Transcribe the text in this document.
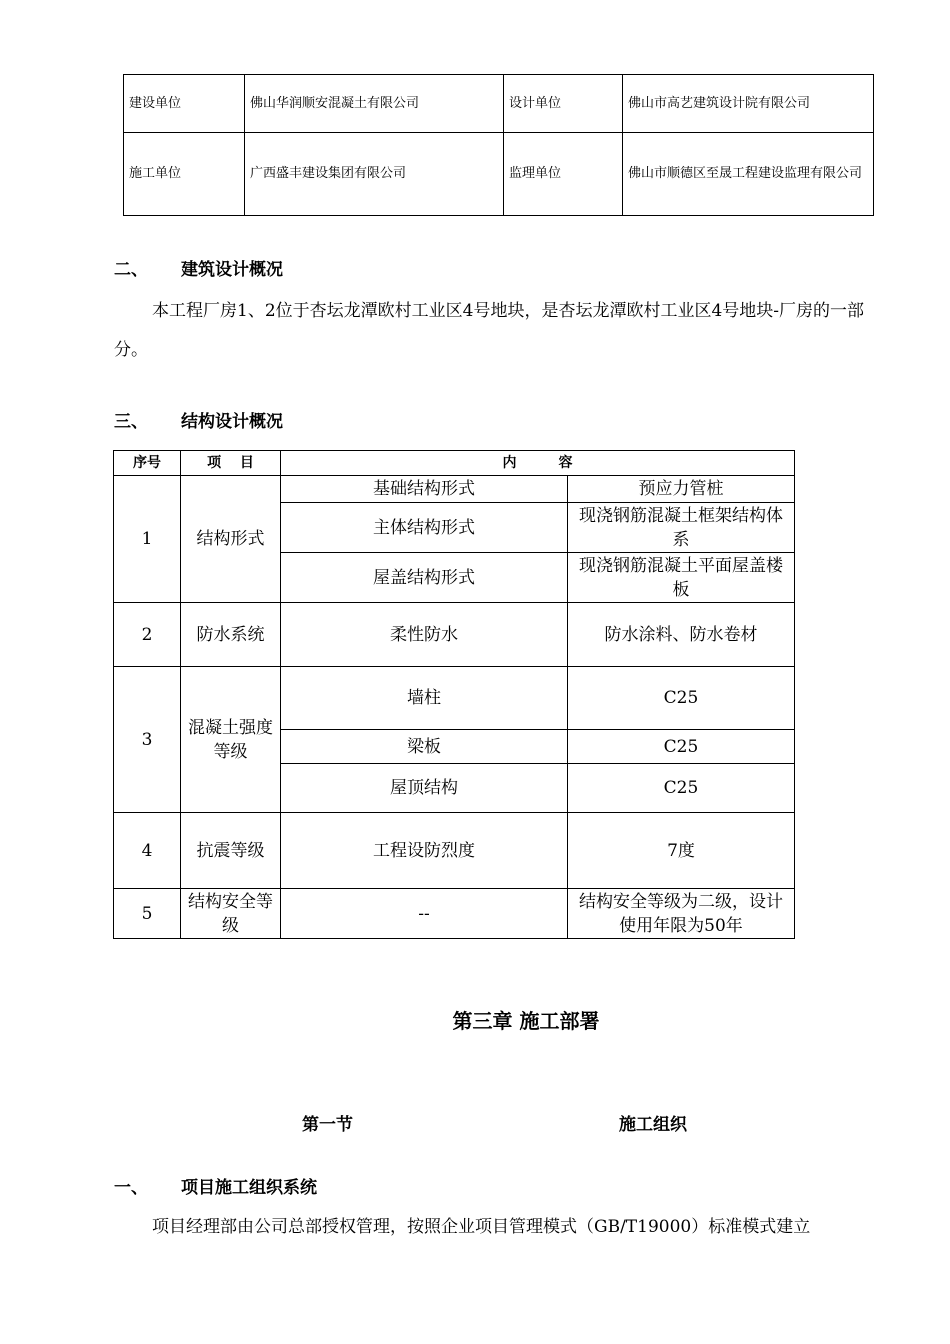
建设单位	佛山华润顺安混凝土有限公司	设计单位	佛山市高艺建筑设计院有限公司
施工单位	广西盛丰建设集团有限公司	监理单位	佛山市顺德区至晟工程建设监理有限公司
二、 建筑设计概况

本工程厂房1、2位于杏坛龙潭欧村工业区4号地块，是杏坛龙潭欧村工业区4号地块-厂房的一部分。

三、 结构设计概况
序号	项　 目	内　　　容	
1	结构形式	基础结构形式	预应力管桩
		主体结构形式	现浇钢筋混凝土框架结构体系
		屋盖结构形式	现浇钢筋混凝土平面屋盖楼板
2	防水系统	柔性防水	防水涂料、防水卷材
3	混凝土强度等级	墙柱	C25
		梁板	C25
		屋顶结构	C25
4	抗震等级	工程设防烈度	7度
5	结构安全等级	--	结构安全等级为二级，设计使用年限为50年
第三章 施工部署
第一节	施工组织
一、 项目施工组织系统

项目经理部由公司总部授权管理，按照企业项目管理模式（GB/T19000）标准模式建立
